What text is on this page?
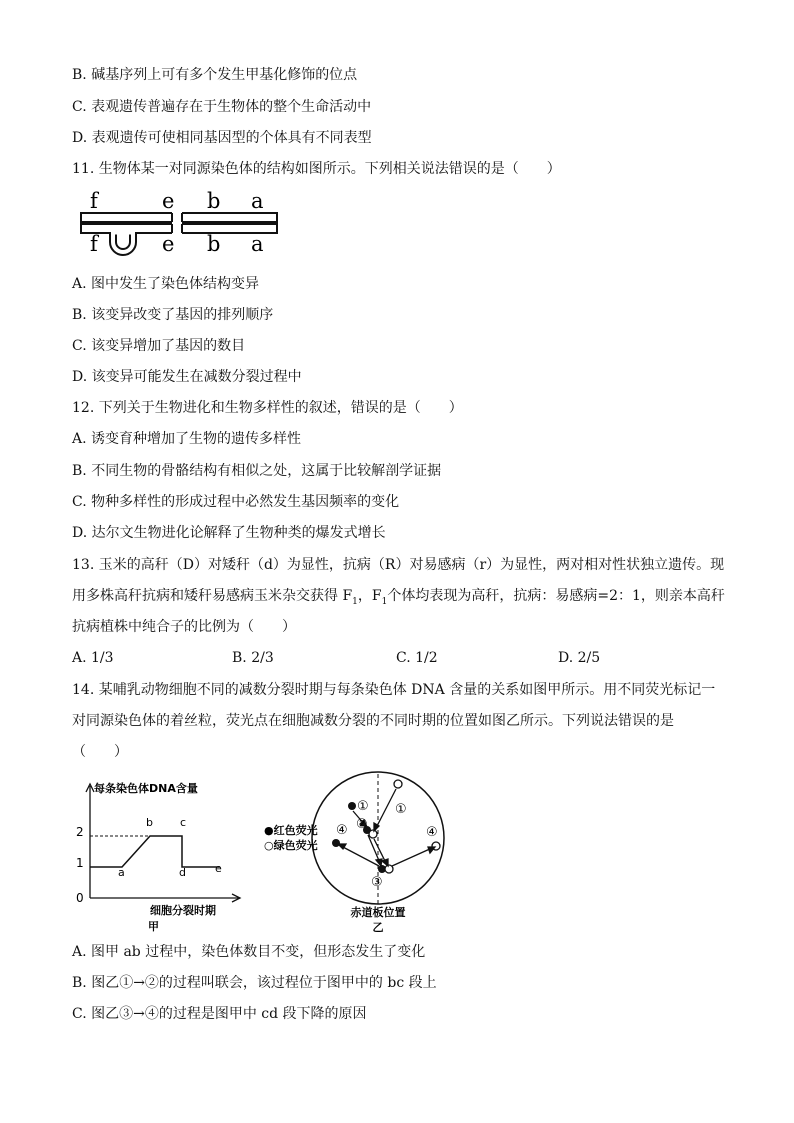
B. 碱基序列上可有多个发生甲基化修饰的位点
C. 表观遗传普遍存在于生物体的整个生命活动中
D. 表观遗传可使相同基因型的个体具有不同表型
11. 生物体某一对同源染色体的结构如图所示。下列相关说法错误的是（　　）
f	e b a
f	e b a
A. 图中发生了染色体结构变异
B. 该变异改变了基因的排列顺序
C. 该变异增加了基因的数目
D. 该变异可能发生在减数分裂过程中
12. 下列关于生物进化和生物多样性的叙述，错误的是（　　）
A. 诱变育种增加了生物的遗传多样性
B. 不同生物的骨骼结构有相似之处，这属于比较解剖学证据
C. 物种多样性的形成过程中必然发生基因频率的变化
D. 达尔文生物进化论解释了生物种类的爆发式增长
13. 玉米的高秆（D）对矮秆（d）为显性，抗病（R）对易感病（r）为显性，两对相对性状独立遗传。现
用多株高秆抗病和矮秆易感病玉米杂交获得 $F_1$，$F_1$个体均表现为高秆，抗病：易感病=2：1，则亲本高秆
抗病植株中纯合子的比例为（　　）
A. 1/3	B. 2/3	C. 1/2	D. 2/5
14. 某哺乳动物细胞不同的减数分裂时期与每条染色体 DNA 含量的关系如图甲所示。用不同荧光标记一
对同源染色体的着丝粒，荧光点在细胞减数分裂的不同时期的位置如图乙所示。下列说法错误的是
（　　）
每条染色体DNA含量
2
1
0
a
b c
d	e
细胞分裂时期
甲
●红色荧光
○绿色荧光
① ①
②
③
④	④
赤道板位置
乙
A. 图甲 ab 过程中，染色体数目不变，但形态发生了变化
B. 图乙①→②的过程叫联会，该过程位于图甲中的 bc 段上
C. 图乙③→④的过程是图甲中 cd 段下降的原因
